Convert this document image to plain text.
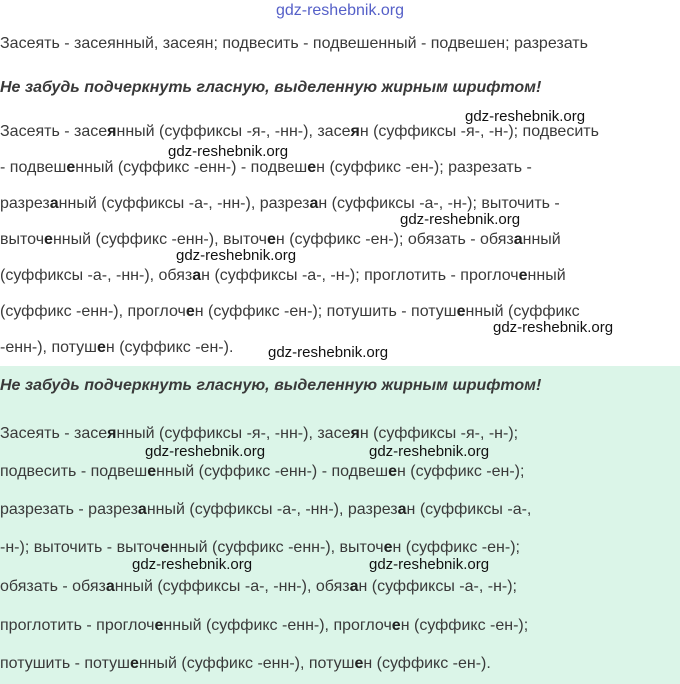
gdz-reshebnik.org
Засеять - засеянный, засеян; подвесить - подвешенный - подвешен; разрезать
Не забудь подчеркнуть гласную, выделенную жирным шрифтом!
Засеять - засеянный (суффиксы -я-, -нн-), засеян (суффиксы -я-, -н-); подвесить
- подвешенный (суффикс -енн-) - подвешен (суффикс -ен-); разрезать -
разрезанный (суффиксы -а-, -нн-), разрезан (суффиксы -а-, -н-); выточить -
выточенный (суффикс -енн-), выточен (суффикс -ен-); обязать - обязанный
(суффиксы -а-, -нн-), обязан (суффиксы -а-, -н-); проглотить - проглоченный
(суффикс -енн-), проглочен (суффикс -ен-); потушить - потушенный (суффикс
-енн-), потушен (суффикс -ен-).
Не забудь подчеркнуть гласную, выделенную жирным шрифтом!
Засеять - засеянный (суффиксы -я-, -нн-), засеян (суффиксы -я-, -н-);
подвесить - подвешенный (суффикс -енн-) - подвешен (суффикс -ен-);
разрезать - разрезанный (суффиксы -а-, -нн-), разрезан (суффиксы -а-,
-н-); выточить - выточенный (суффикс -енн-), выточен (суффикс -ен-);
обязать - обязанный (суффиксы -а-, -нн-), обязан (суффиксы -а-, -н-);
проглотить - проглоченный (суффикс -енн-), проглочен (суффикс -ен-);
потушить - потушенный (суффикс -енн-), потушен (суффикс -ен-).
gdz-reshebnik.org
gdz-reshebnik.org
gdz-reshebnik.org
gdz-reshebnik.org
gdz-reshebnik.org
gdz-reshebnik.org
gdz-reshebnik.org	gdz-reshebnik.org
gdz-reshebnik.org	gdz-reshebnik.org
